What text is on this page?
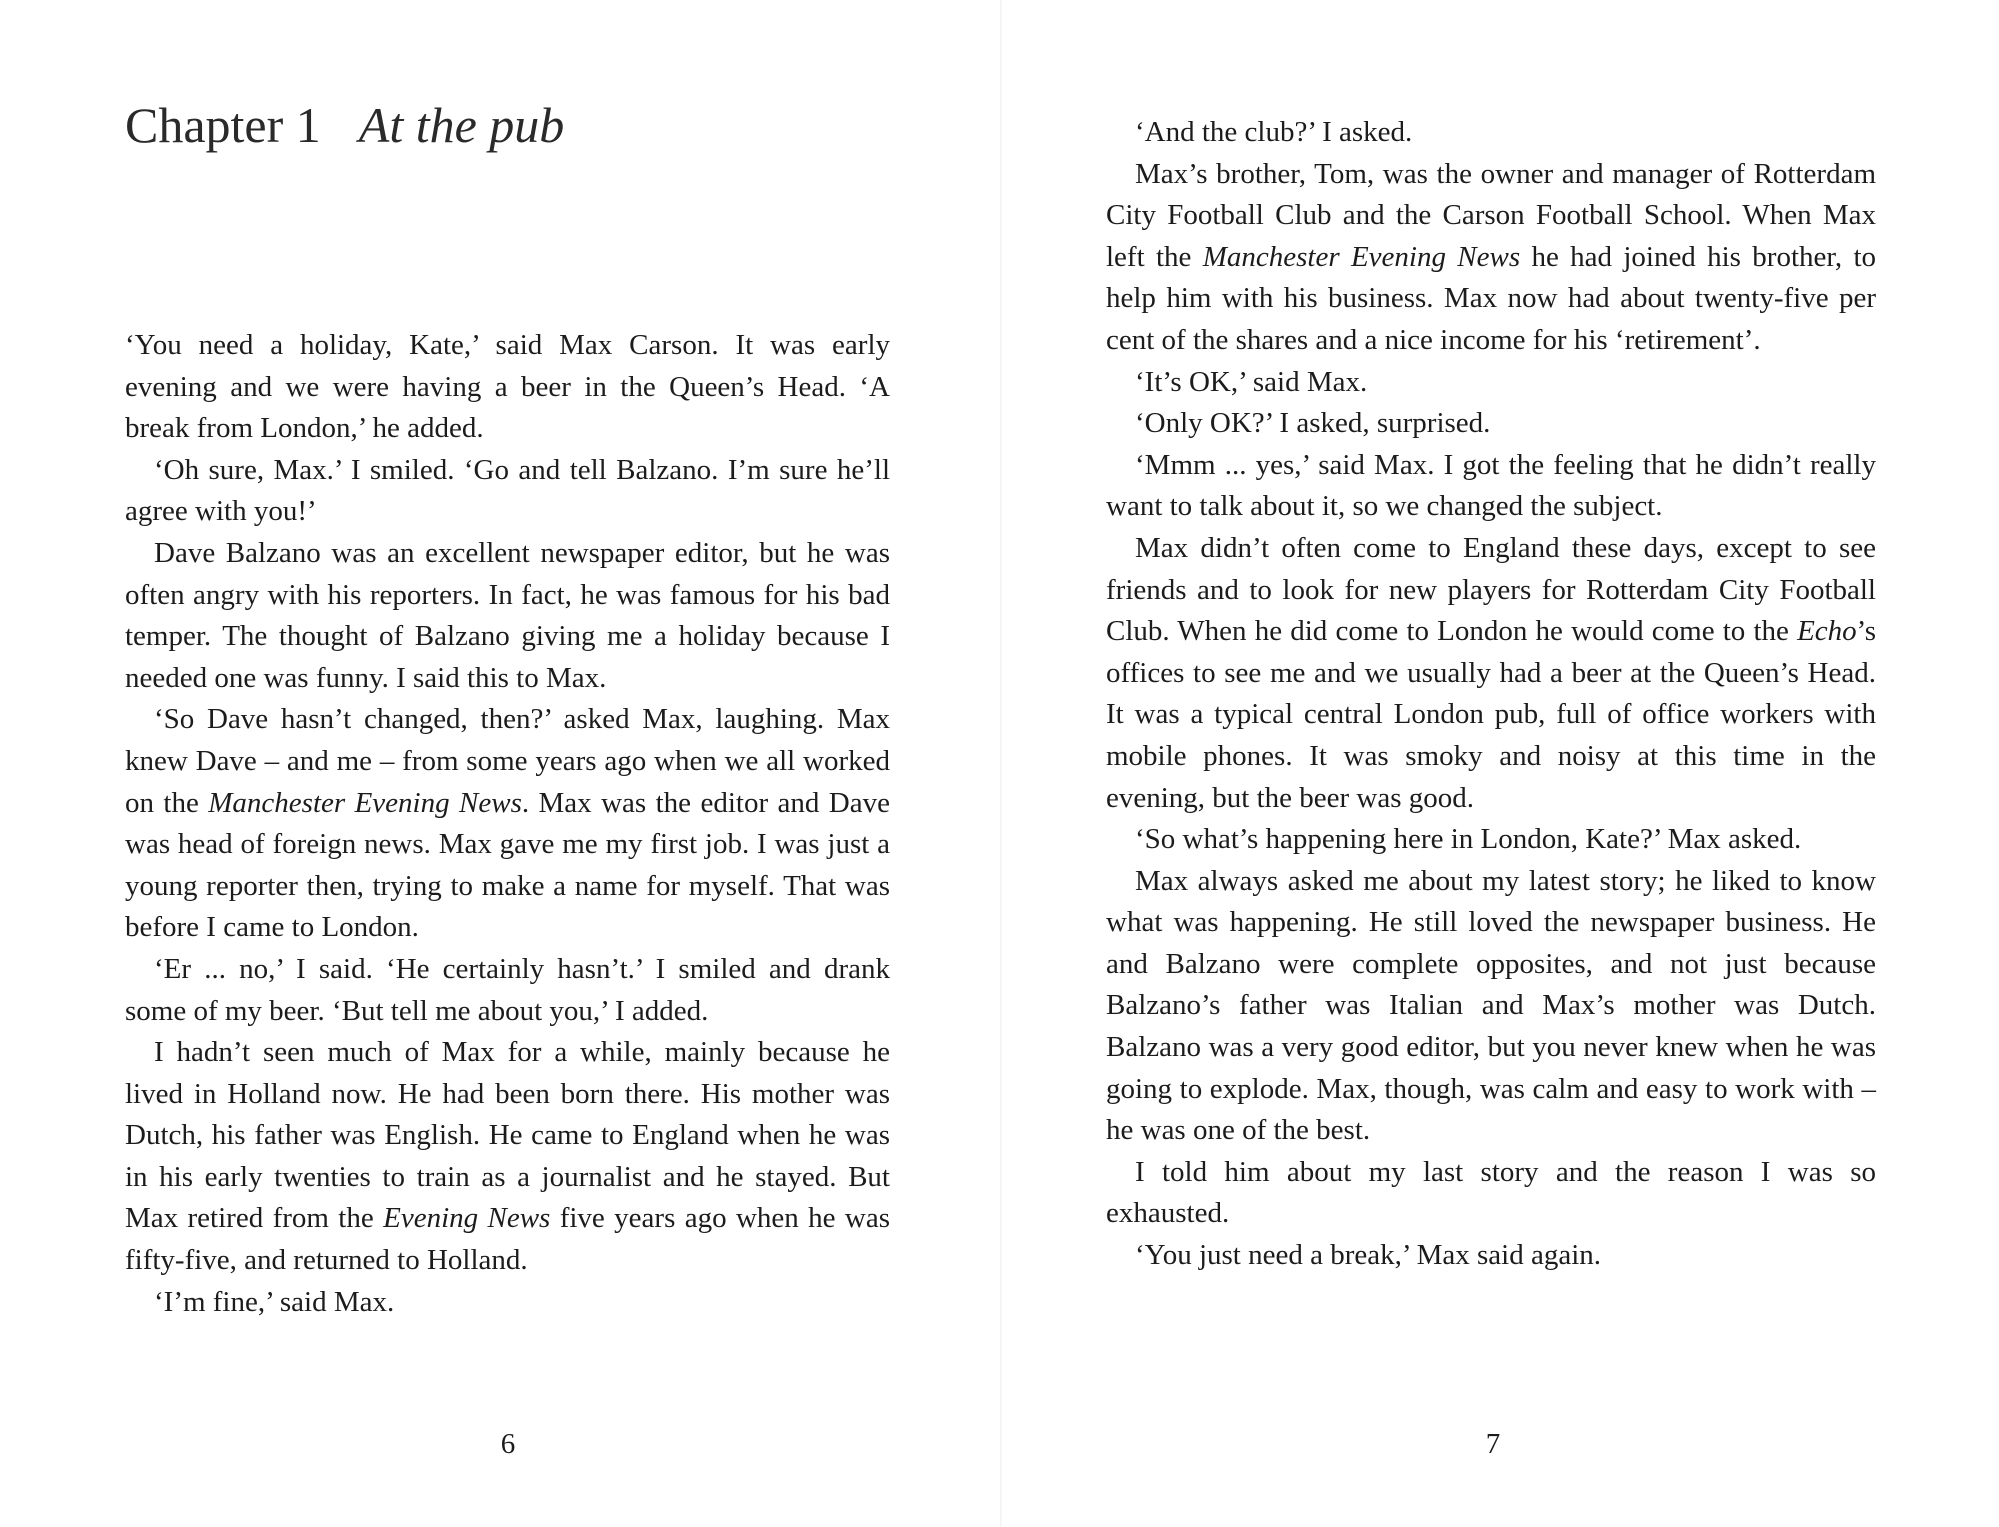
Chapter 1 At the pub

‘You need a holiday, Kate,’ said Max Carson. It was early evening and we were having a beer in the Queen’s Head. ‘A break from London,’ he added.

‘Oh sure, Max.’ I smiled. ‘Go and tell Balzano. I’m sure he’ll agree with you!’

Dave Balzano was an excellent newspaper editor, but he was often angry with his reporters. In fact, he was famous for his bad temper. The thought of Balzano giving me a holiday because I needed one was funny. I said this to Max.

‘So Dave hasn’t changed, then?’ asked Max, laughing. Max knew Dave – and me – from some years ago when we all worked on the Manchester Evening News. Max was the editor and Dave was head of foreign news. Max gave me my first job. I was just a young reporter then, trying to make a name for myself. That was before I came to London.

‘Er ... no,’ I said. ‘He certainly hasn’t.’ I smiled and drank some of my beer. ‘But tell me about you,’ I added.

I hadn’t seen much of Max for a while, mainly because he lived in Holland now. He had been born there. His mother was Dutch, his father was English. He came to England when he was in his early twenties to train as a journalist and he stayed. But Max retired from the Evening News five years ago when he was fifty-five, and returned to Holland.

‘I’m fine,’ said Max.

6

‘And the club?’ I asked.

Max’s brother, Tom, was the owner and manager of Rotterdam City Football Club and the Carson Football School. When Max left the Manchester Evening News he had joined his brother, to help him with his business. Max now had about twenty-five per cent of the shares and a nice income for his ‘retirement’.

‘It’s OK,’ said Max.

‘Only OK?’ I asked, surprised.

‘Mmm ... yes,’ said Max. I got the feeling that he didn’t really want to talk about it, so we changed the subject.

Max didn’t often come to England these days, except to see friends and to look for new players for Rotterdam City Football Club. When he did come to London he would come to the Echo’s offices to see me and we usually had a beer at the Queen’s Head. It was a typical central London pub, full of office workers with mobile phones. It was smoky and noisy at this time in the evening, but the beer was good.

‘So what’s happening here in London, Kate?’ Max asked.

Max always asked me about my latest story; he liked to know what was happening. He still loved the newspaper business. He and Balzano were complete opposites, and not just because Balzano’s father was Italian and Max’s mother was Dutch. Balzano was a very good editor, but you never knew when he was going to explode. Max, though, was calm and easy to work with – he was one of the best.

I told him about my last story and the reason I was so exhausted.

‘You just need a break,’ Max said again.

7
